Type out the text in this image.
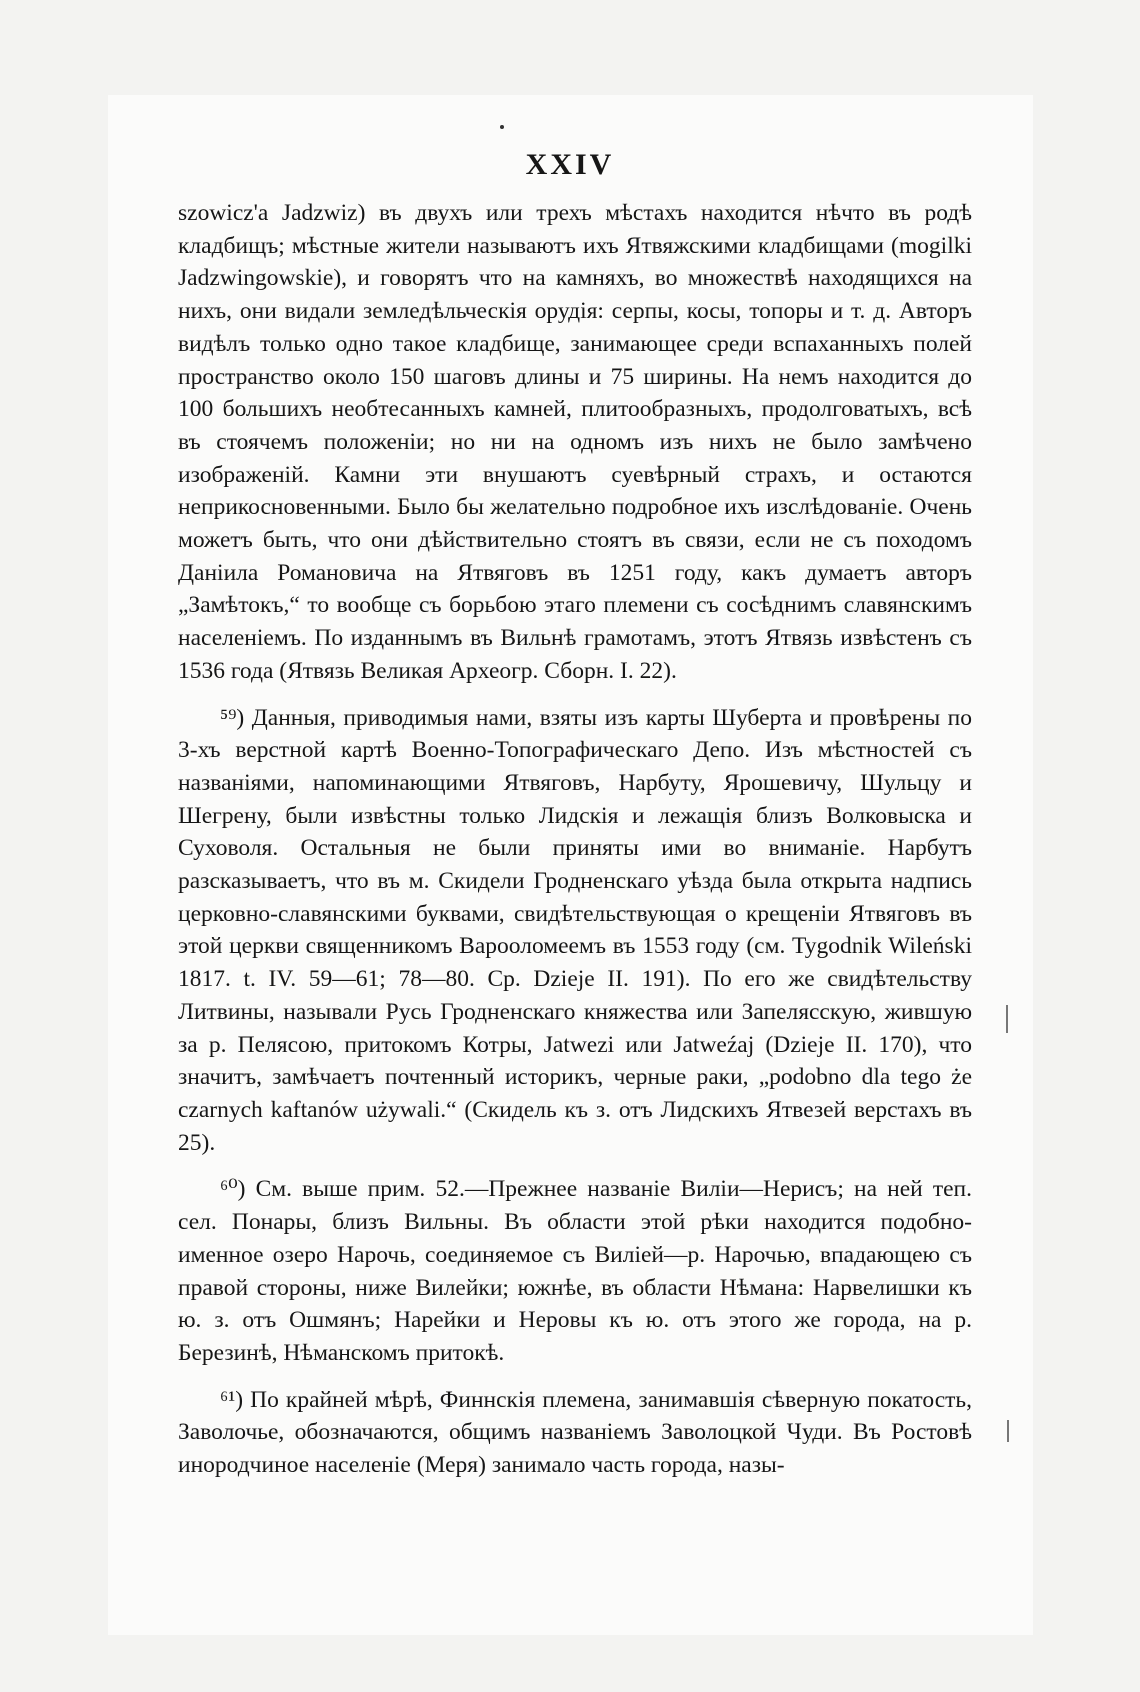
XXIV

szowicz'a Jadzwiz) въ двухъ или трехъ мѣстахъ находится нѣчто въ родѣ кладбищъ; мѣстные жители называютъ ихъ Ятвяжскими кладбищами (mogilki Jadzwingowskie), и говорятъ что на камняхъ, во множествѣ находящихся на нихъ, они видали земледѣльческія орудія: серпы, косы, топоры и т. д. Авторъ видѣлъ только одно такое кладбище, занимающее среди вспаханныхъ полей пространство около 150 шаговъ длины и 75 ширины. На немъ находится до 100 большихъ необтесанныхъ камней, плитообразныхъ, продолговатыхъ, всѣ въ стоячемъ положеніи; но ни на одномъ изъ нихъ не было замѣчено изображеній. Камни эти внушаютъ суевѣрный страхъ, и остаются неприкосновенными. Было бы желательно подробное ихъ изслѣдованіе. Очень можетъ быть, что они дѣйствительно стоятъ въ связи, если не съ походомъ Даніила Романовича на Ятвяговъ въ 1251 году, какъ думаетъ авторъ „Замѣтокъ,“ то вообще съ борьбою этаго племени съ сосѣднимъ славянскимъ населеніемъ. По изданнымъ въ Вильнѣ грамотамъ, этотъ Ятвязь извѣстенъ съ 1536 года (Ятвязь Великая Археогр. Сборн. I. 22).

⁵⁹) Данныя, приводимыя нами, взяты изъ карты Шуберта и провѣрены по 3-хъ верстной картѣ Военно-Топографическаго Депо. Изъ мѣстностей съ названіями, напоминающими Ятвяговъ, Нарбуту, Ярошевичу, Шульцу и Шегрену, были извѣстны только Лидскія и лежащія близъ Волковыска и Суховоля. Остальныя не были приняты ими во вниманіе. Нарбутъ разсказываетъ, что въ м. Скидели Гродненскаго уѣзда была открыта надпись церковно-славянскими буквами, свидѣтельствующая о крещеніи Ятвяговъ въ этой церкви священникомъ Варооломеемъ въ 1553 году (см. Tygodnik Wileński 1817. t. IV. 59—61; 78—80. Ср. Dzieje II. 191). По его же свидѣтельству Литвины, называли Русь Гродненскаго княжества или Запелясскую, жившую за р. Пелясою, притокомъ Котры, Jatwezi или Jatweźaj (Dzieje II. 170), что значитъ, замѣчаетъ почтенный историкъ, черные раки, „podobno dla tego że czarnych kaftanów używali.“ (Скидель къ з. отъ Лидскихъ Ятвезей верстахъ въ 25).

⁶⁰) См. выше прим. 52.—Прежнее названіе Виліи—Нерисъ; на ней теп. сел. Понары, близъ Вильны. Въ области этой рѣки находится подобно-именное озеро Нарочь, соединяемое съ Виліей—р. Нарочью, впадающею съ правой стороны, ниже Вилейки; южнѣе, въ области Нѣмана: Нарвелишки къ ю. з. отъ Ошмянъ; Нарейки и Неровы къ ю. отъ этого же города, на р. Березинѣ, Нѣманскомъ притокѣ.

⁶¹) По крайней мѣрѣ, Финнскія племена, занимавшія сѣверную покатость, Заволочье, обозначаются, общимъ названіемъ Заволоцкой Чуди. Въ Ростовѣ инородчиное населеніе (Меря) занимало часть города, назы-
